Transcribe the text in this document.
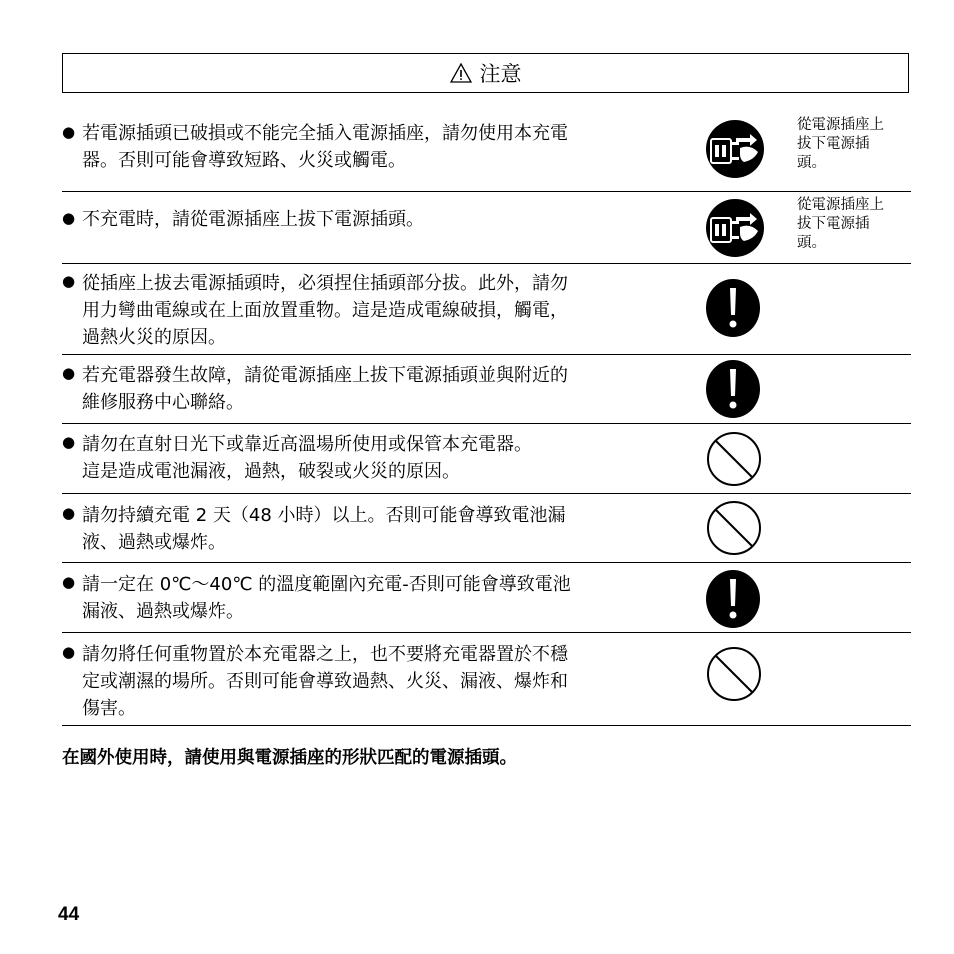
注意
● 若電源插頭已破損或不能完全插入電源插座，請勿使用本充電
器。否則可能會導致短路、火災或觸電。
從電源插座上
拔下電源插
頭。
● 不充電時，請從電源插座上拔下電源插頭。
從電源插座上
拔下電源插
頭。
● 從插座上拔去電源插頭時，必須捏住插頭部分拔。此外，請勿
用力彎曲電線或在上面放置重物。這是造成電線破損，觸電，
過熱火災的原因。
● 若充電器發生故障，請從電源插座上拔下電源插頭並與附近的
維修服務中心聯絡。
● 請勿在直射日光下或靠近高溫場所使用或保管本充電器。
這是造成電池漏液，過熱，破裂或火災的原因。
● 請勿持續充電 2 天（48 小時）以上。否則可能會導致電池漏
液、過熱或爆炸。
● 請一定在 0℃～40℃ 的溫度範圍內充電-否則可能會導致電池
漏液、過熱或爆炸。
● 請勿將任何重物置於本充電器之上，也不要將充電器置於不穩
定或潮濕的場所。否則可能會導致過熱、火災、漏液、爆炸和
傷害。
在國外使用時，請使用與電源插座的形狀匹配的電源插頭。
44
